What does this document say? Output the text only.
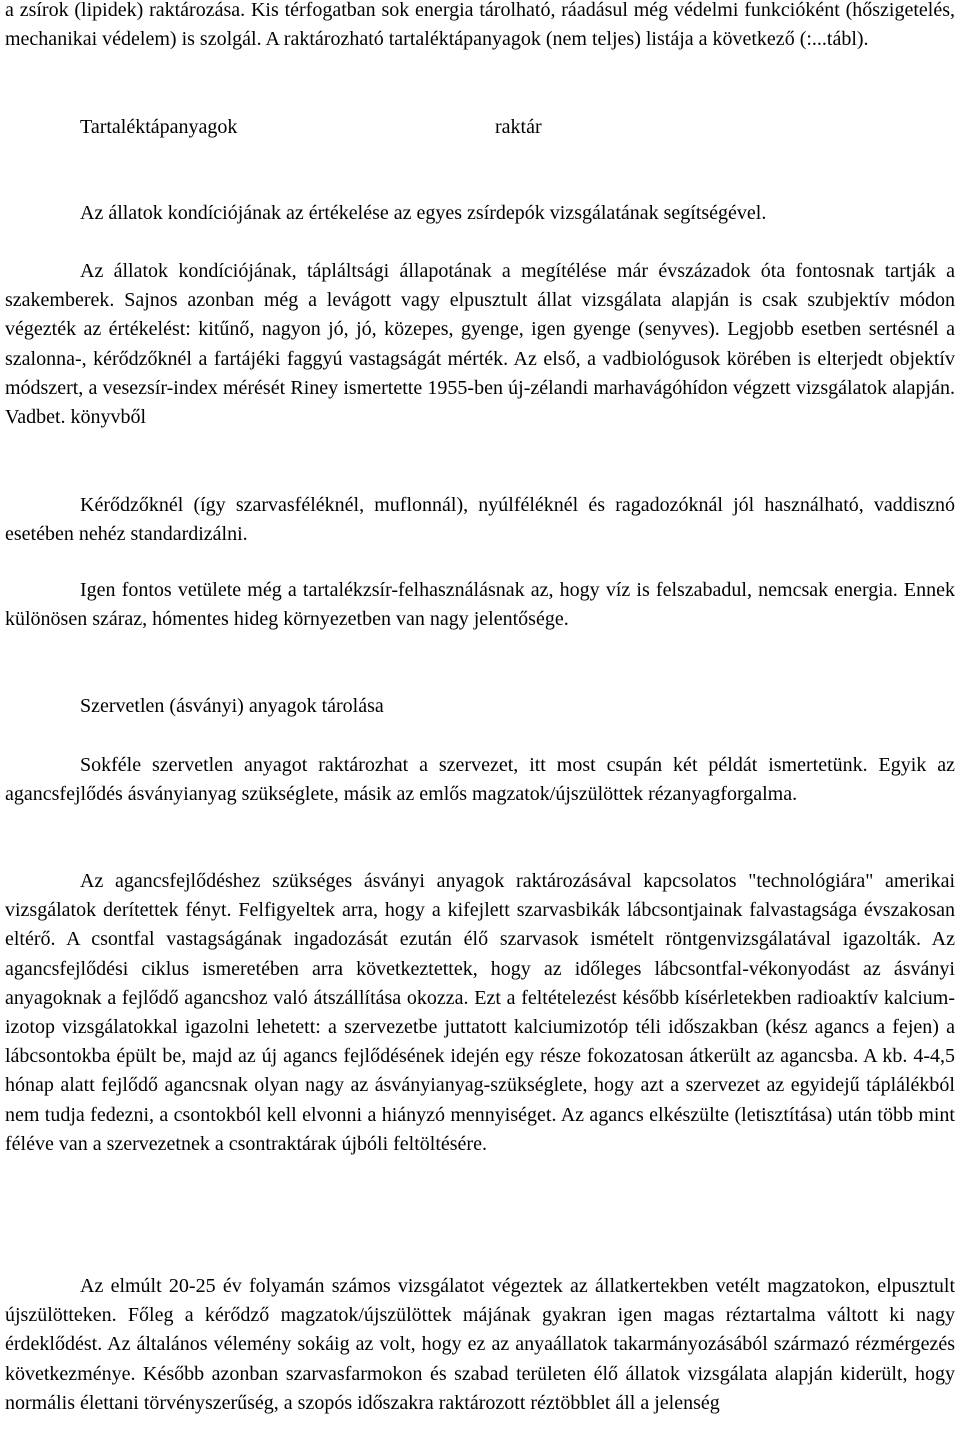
a zsírok (lipidek) raktározása. Kis térfogatban sok energia tárolható, ráadásul még védelmi funkcióként (hőszigetelés, mechanikai védelem) is szolgál. A raktározható tartaléktápanyagok (nem teljes) listája a következő (:...tábl).

Tartaléktápanyagok	raktár

Az állatok kondíciójának az értékelése az egyes zsírdepók vizsgálatának segítségével.

Az állatok kondíciójának, tápláltsági állapotának a megítélése már évszázadok óta fontosnak tartják a szakemberek. Sajnos azonban még a levágott vagy elpusztult állat vizsgálata alapján is csak szubjektív módon végezték az értékelést: kitűnő, nagyon jó, jó, közepes, gyenge, igen gyenge (senyves). Legjobb esetben sertésnél a szalonna-, kérődzőknél a fartájéki faggyú vastagságát mérték. Az első, a vadbiológusok körében is elterjedt objektív módszert, a vesezsír-index mérését Riney ismertette 1955-ben új-zélandi marhavágóhídon végzett vizsgálatok alapján. Vadbet. könyvből

Kérődzőknél (így szarvasféléknél, muflonnál), nyúlféléknél és ragadozóknál jól használható, vaddisznó esetében nehéz standardizálni.

Igen fontos vetülete még a tartalékzsír-felhasználásnak az, hogy víz is felszabadul, nemcsak energia. Ennek különösen száraz, hómentes hideg környezetben van nagy jelentősége.

Szervetlen (ásványi) anyagok tárolása

Sokféle szervetlen anyagot raktározhat a szervezet, itt most csupán két példát ismertetünk. Egyik az agancsfejlődés ásványianyag szükséglete, másik az emlős magzatok/újszülöttek rézanyagforgalma.

Az agancsfejlődéshez szükséges ásványi anyagok raktározásával kapcsolatos "technológiára" amerikai vizsgálatok derítettek fényt. Felfigyeltek arra, hogy a kifejlett szarvasbikák lábcsontjainak falvastagsága évszakosan eltérő. A csontfal vastagságának ingadozását ezután élő szarvasok ismételt röntgenvizsgálatával igazolták. Az agancsfejlődési ciklus ismeretében arra következtettek, hogy az időleges lábcsontfal-vékonyodást az ásványi anyagoknak a fejlődő agancshoz való átszállítása okozza. Ezt a feltételezést később kísérletekben radioaktív kalcium-izotop vizsgálatokkal igazolni lehetett: a szervezetbe juttatott kalciumizotóp téli időszakban (kész agancs a fejen) a lábcsontokba épült be, majd az új agancs fejlődésének idején egy része fokozatosan átkerült az agancsba. A kb. 4-4,5 hónap alatt fejlődő agancsnak olyan nagy az ásványianyag-szükséglete, hogy azt a szervezet az egyidejű táplálékból nem tudja fedezni, a csontokból kell elvonni a hiányzó mennyiséget. Az agancs elkészülte (letisztítása) után több mint féléve van a szervezetnek a csontraktárak újbóli feltöltésére.

Az elmúlt 20-25 év folyamán számos vizsgálatot végeztek az állatkertekben vetélt magzatokon, elpusztult újszülötteken. Főleg a kérődző magzatok/újszülöttek májának gyakran igen magas réztartalma váltott ki nagy érdeklődést. Az általános vélemény sokáig az volt, hogy ez az anyaállatok takarmányozásából származó rézmérgezés következménye. Később azonban szarvasfarmokon és szabad területen élő állatok vizsgálata alapján kiderült, hogy normális élettani törvényszerűség, a szopós időszakra raktározott réztöbblet áll a jelenség
